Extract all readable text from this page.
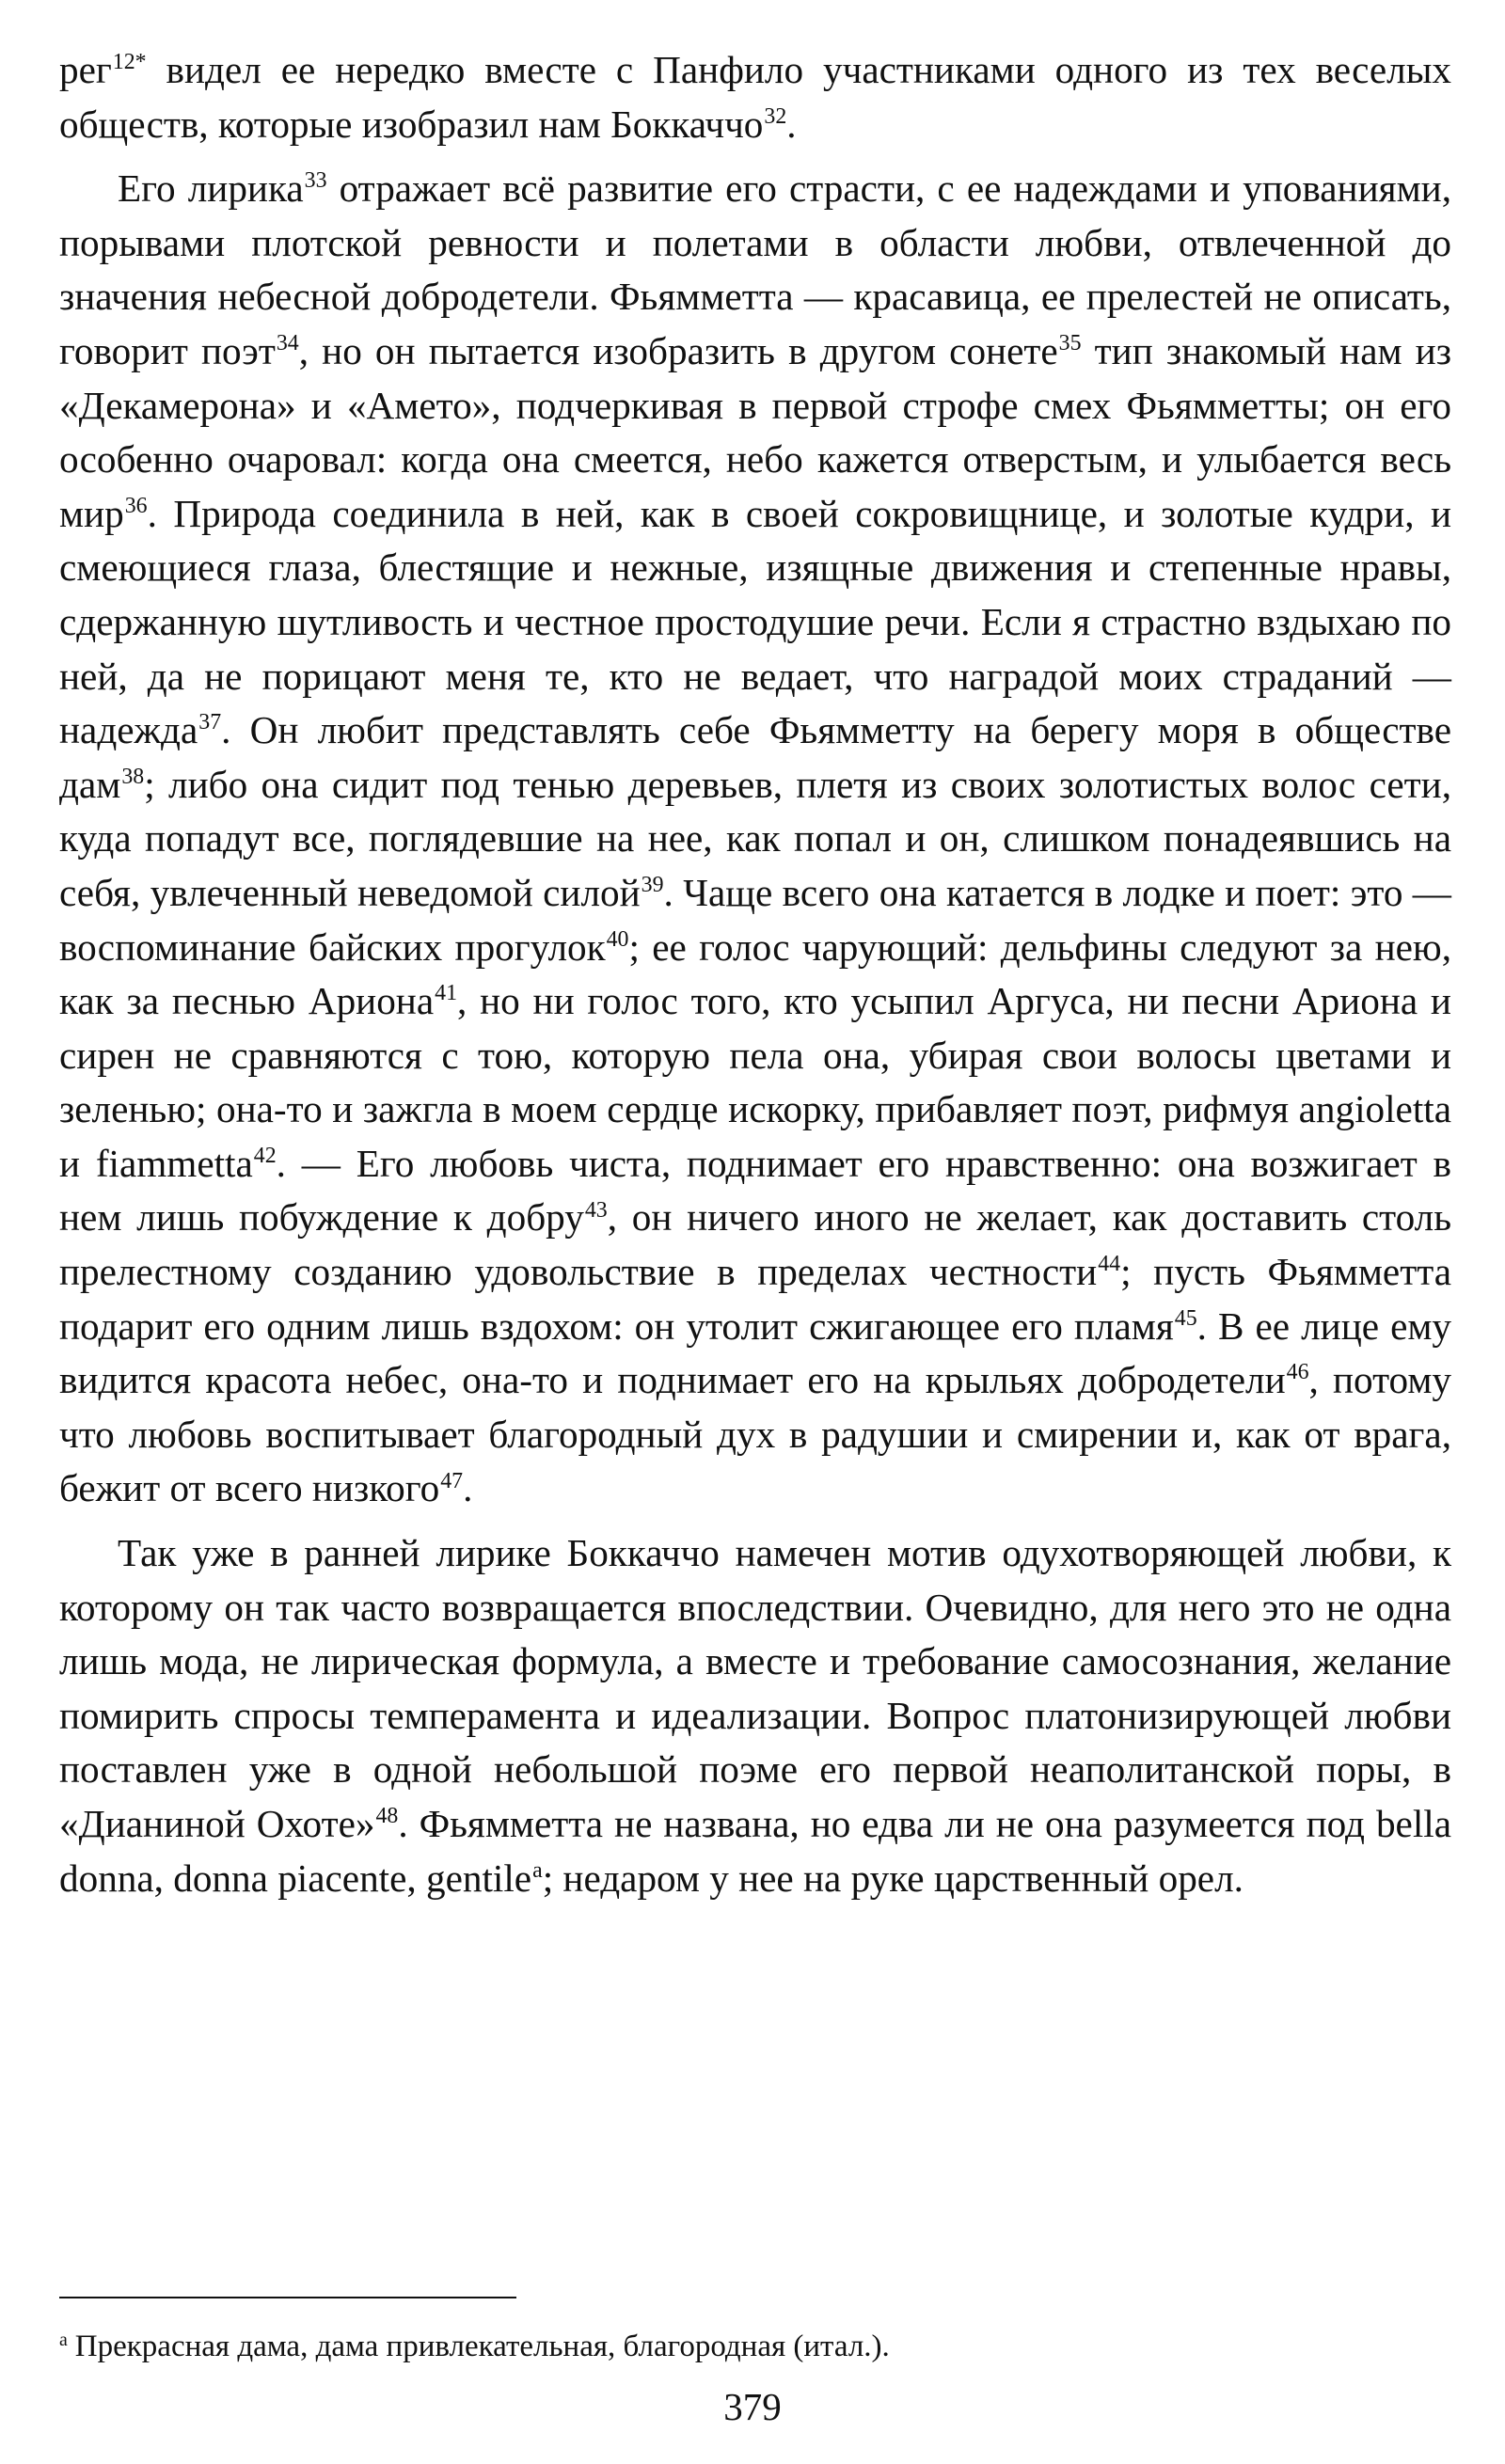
рег$^{12*}$ видел ее нередко вместе с Панфило участниками одного из тех веселых обществ, которые изобразил нам Боккаччо$^{32}$.

Его лирика$^{33}$ отражает всё развитие его страсти, с ее надеждами и упованиями, порывами плотской ревности и полетами в области любви, отвлеченной до значения небесной добродетели. Фьямметта — красавица, ее прелестей не описать, говорит поэт$^{34}$, но он пытается изобразить в другом сонете$^{35}$ тип знакомый нам из «Декамерона» и «Амето», подчеркивая в первой строфе смех Фьямметты; он его особенно очаровал: когда она смеется, небо кажется отверстым, и улыбается весь мир$^{36}$. Природа соединила в ней, как в своей сокровищнице, и золотые кудри, и смеющиеся глаза, блестящие и нежные, изящные движения и степенные нравы, сдержанную шутливость и честное простодушие речи. Если я страстно вздыхаю по ней, да не порицают меня те, кто не ведает, что наградой моих страданий — надежда$^{37}$. Он любит представлять себе Фьямметту на берегу моря в обществе дам$^{38}$; либо она сидит под тенью деревьев, плетя из своих золотистых волос сети, куда попадут все, поглядевшие на нее, как попал и он, слишком понадеявшись на себя, увлеченный неведомой силой$^{39}$. Чаще всего она катается в лодке и поет: это — воспоминание байских прогулок$^{40}$; ее голос чарующий: дельфины следуют за нею, как за песнью Ариона$^{41}$, но ни голос того, кто усыпил Аргуса, ни песни Ариона и сирен не сравняются с тою, которую пела она, убирая свои волосы цветами и зеленью; она-то и зажгла в моем сердце искорку, прибавляет поэт, рифмуя angioletta и fiammetta$^{42}$. — Его любовь чиста, поднимает его нравственно: она возжигает в нем лишь побуждение к добру$^{43}$, он ничего иного не желает, как доставить столь прелестному созданию удовольствие в пределах честности$^{44}$; пусть Фьямметта подарит его одним лишь вздохом: он утолит сжигающее его пламя$^{45}$. В ее лице ему видится красота небес, она-то и поднимает его на крыльях добродетели$^{46}$, потому что любовь воспитывает благородный дух в радушии и смирении и, как от врага, бежит от всего низкого$^{47}$.

Так уже в ранней лирике Боккаччо намечен мотив одухотворяющей любви, к которому он так часто возвращается впоследствии. Очевидно, для него это не одна лишь мода, не лирическая формула, а вместе и требование самосознания, желание помирить спросы темперамента и идеализации. Вопрос платонизирующей любви поставлен уже в одной небольшой поэме его первой неаполитанской поры, в «Дианиной Охоте»$^{48}$. Фьямметта не названа, но едва ли не она разумеется под bella donna, donna piacente, gentile$^a$; недаром у нее на руке царственный орел.

$^a$ Прекрасная дама, дама привлекательная, благородная (итал.).
379
